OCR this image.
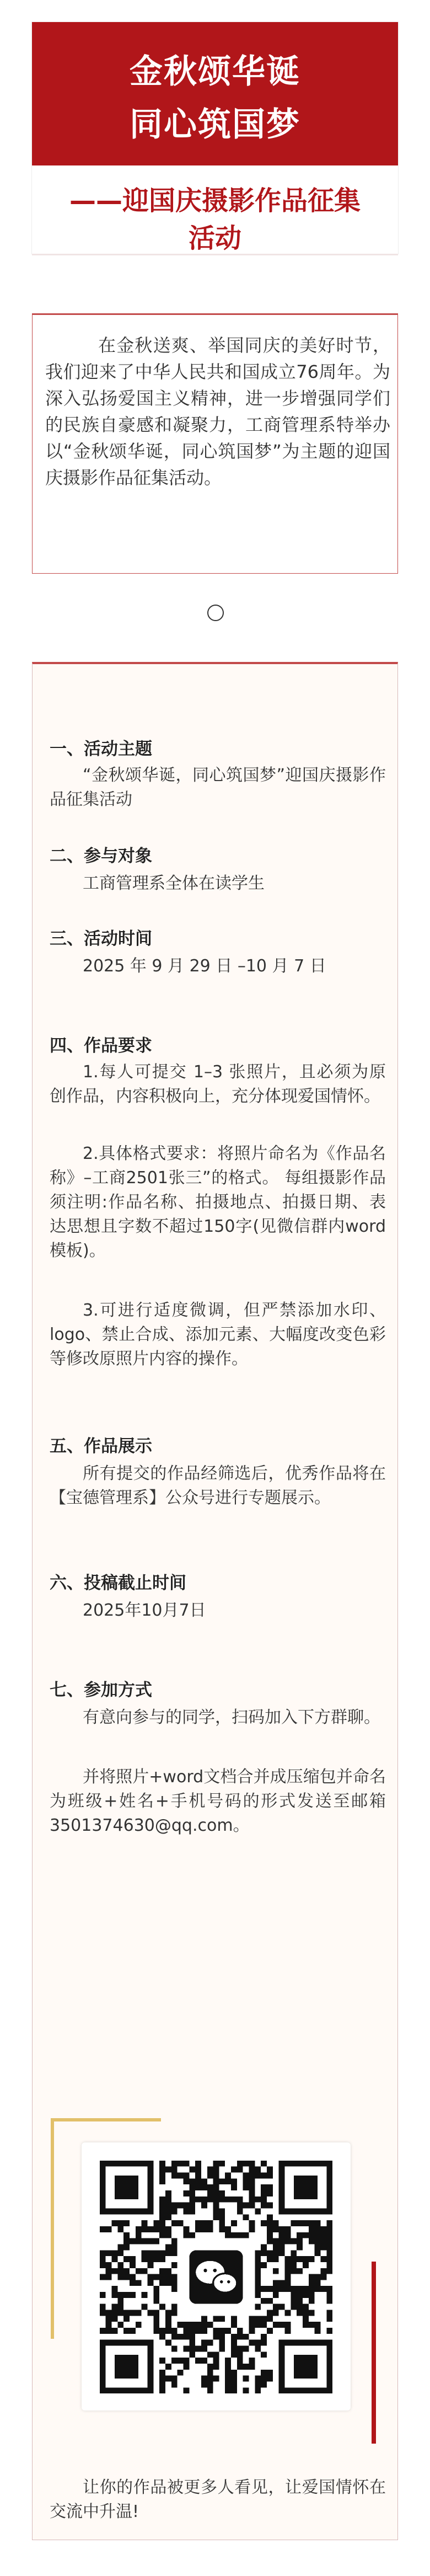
金秋颂华诞
同心筑国梦
——迎国庆摄影作品征集
活动
在金秋送爽、举国同庆的美好时节，我们迎来了中华人民共和国成立76周年。为深入弘扬爱国主义精神，进一步增强同学们的民族自豪感和凝聚力，工商管理系特举办以“金秋颂华诞，同心筑国梦”为主题的迎国庆摄影作品征集活动。
一、活动主题
“金秋颂华诞，同心筑国梦”迎国庆摄影作品征集活动
二、参与对象
工商管理系全体在读学生
三、活动时间
2025 年 9 月 29 日 –10 月 7 日
四、作品要求
1.每人可提交 1–3 张照片，且必须为原创作品，内容积极向上，充分体现爱国情怀。
2.具体格式要求：将照片命名为《作品名称》–工商2501张三”的格式。 每组摄影作品须注明:作品名称、拍摄地点、拍摄日期、表达思想且字数不超过150字(见微信群内word模板)。
3.可进行适度微调，但严禁添加水印、logo、禁止合成、添加元素、大幅度改变色彩等修改原照片内容的操作。
五、作品展示
所有提交的作品经筛选后，优秀作品将在【宝德管理系】公众号进行专题展示。
六、投稿截止时间
2025年10月7日
七、参加方式
有意向参与的同学，扫码加入下方群聊。
并将照片+word文档合并成压缩包并命名为班级+姓名+手机号码的形式发送至邮箱3501374630@qq.com。
让你的作品被更多人看见，让爱国情怀在交流中升温!
